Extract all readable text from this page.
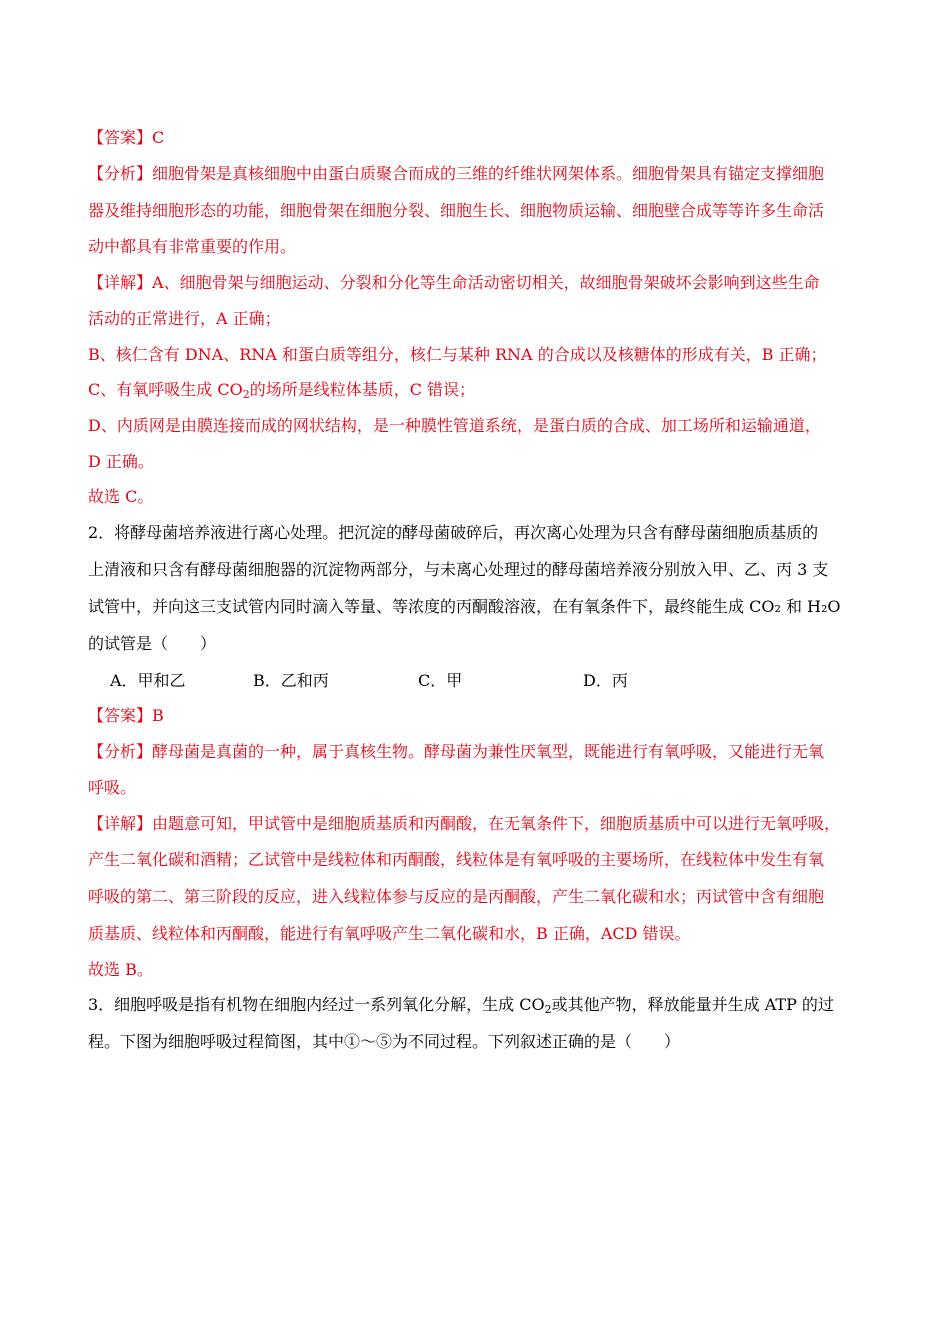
【答案】C
【分析】细胞骨架是真核细胞中由蛋白质聚合而成的三维的纤维状网架体系。细胞骨架具有锚定支撑细胞
器及维持细胞形态的功能，细胞骨架在细胞分裂、细胞生长、细胞物质运输、细胞壁合成等等许多生命活
动中都具有非常重要的作用。
【详解】A、细胞骨架与细胞运动、分裂和分化等生命活动密切相关，故细胞骨架破坏会影响到这些生命
活动的正常进行，A 正确；
B、核仁含有 DNA、RNA 和蛋白质等组分，核仁与某种 RNA 的合成以及核糖体的形成有关，B 正确；
C、有氧呼吸生成 $CO_2$的场所是线粒体基质，C 错误；
D、内质网是由膜连接而成的网状结构，是一种膜性管道系统，是蛋白质的合成、加工场所和运输通道，
D 正确。
故选 C。
2．将酵母菌培养液进行离心处理。把沉淀的酵母菌破碎后，再次离心处理为只含有酵母菌细胞质基质的
上清液和只含有酵母菌细胞器的沉淀物两部分，与未离心处理过的酵母菌培养液分别放入甲、乙、丙 3 支
试管中，并向这三支试管内同时滴入等量、等浓度的丙酮酸溶液，在有氧条件下，最终能生成 CO₂ 和 H₂O
的试管是（　　）
A．甲和乙	B．乙和丙	C．甲	D．丙
【答案】B
【分析】酵母菌是真菌的一种，属于真核生物。酵母菌为兼性厌氧型，既能进行有氧呼吸，又能进行无氧
呼吸。
【详解】由题意可知，甲试管中是细胞质基质和丙酮酸，在无氧条件下，细胞质基质中可以进行无氧呼吸，
产生二氧化碳和酒精；乙试管中是线粒体和丙酮酸，线粒体是有氧呼吸的主要场所，在线粒体中发生有氧
呼吸的第二、第三阶段的反应，进入线粒体参与反应的是丙酮酸，产生二氧化碳和水；丙试管中含有细胞
质基质、线粒体和丙酮酸，能进行有氧呼吸产生二氧化碳和水，B 正确，ACD 错误。
故选 B。
3．细胞呼吸是指有机物在细胞内经过一系列氧化分解，生成 $CO_2$或其他产物，释放能量并生成 ATP 的过
程。下图为细胞呼吸过程简图，其中①～⑤为不同过程。下列叙述正确的是（　　）
